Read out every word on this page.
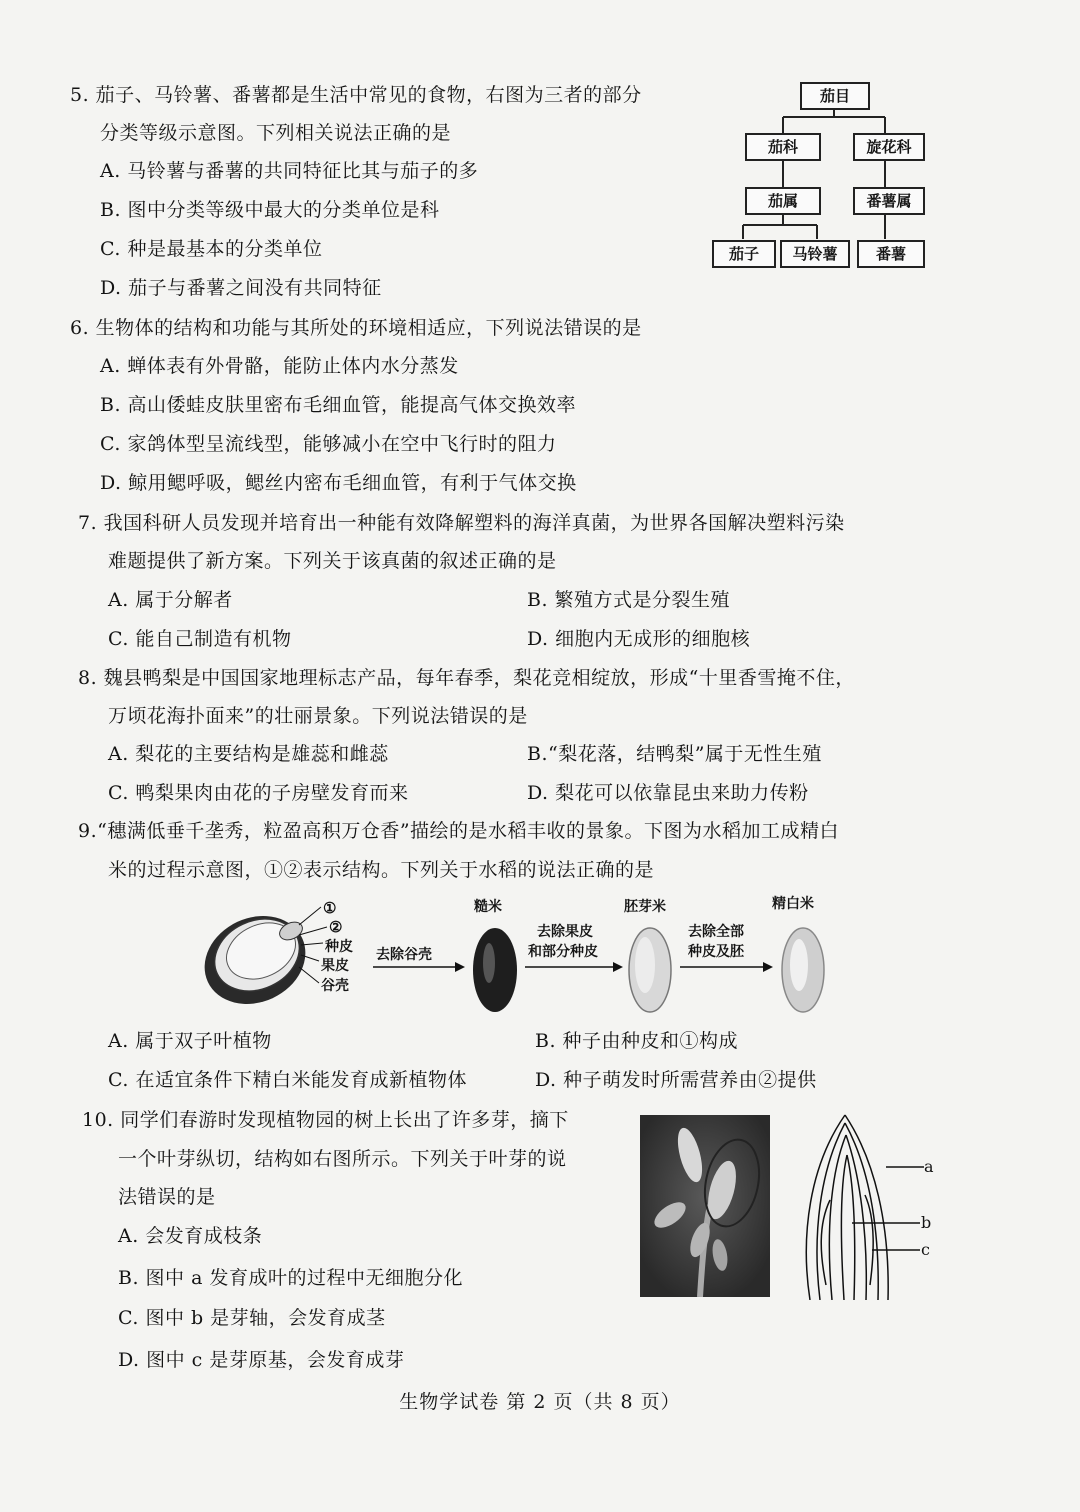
5. 茄子、马铃薯、番薯都是生活中常见的食物，右图为三者的部分
分类等级示意图。下列相关说法正确的是
A. 马铃薯与番薯的共同特征比其与茄子的多
B. 图中分类等级中最大的分类单位是科
C. 种是最基本的分类单位
D. 茄子与番薯之间没有共同特征
茄目
茄科	旋花科
茄属	番薯属
茄子	马铃薯	番薯
6. 生物体的结构和功能与其所处的环境相适应，下列说法错误的是
A. 蝉体表有外骨骼，能防止体内水分蒸发
B. 高山倭蛙皮肤里密布毛细血管，能提高气体交换效率
C. 家鸽体型呈流线型，能够减小在空中飞行时的阻力
D. 鲸用鳃呼吸，鳃丝内密布毛细血管，有利于气体交换
7. 我国科研人员发现并培育出一种能有效降解塑料的海洋真菌，为世界各国解决塑料污染
难题提供了新方案。下列关于该真菌的叙述正确的是
A. 属于分解者	B. 繁殖方式是分裂生殖
C. 能自己制造有机物	D. 细胞内无成形的细胞核
8. 魏县鸭梨是中国国家地理标志产品，每年春季，梨花竞相绽放，形成“十里香雪掩不住，
万顷花海扑面来”的壮丽景象。下列说法错误的是
A. 梨花的主要结构是雄蕊和雌蕊	B.“梨花落，结鸭梨”属于无性生殖
C. 鸭梨果肉由花的子房壁发育而来	D. 梨花可以依靠昆虫来助力传粉
9.“穗满低垂千垄秀，粒盈高积万仓香”描绘的是水稻丰收的景象。下图为水稻加工成精白
米的过程示意图，①②表示结构。下列关于水稻的说法正确的是
①
②
种皮
果皮
谷壳
去除谷壳
糙米
去除果皮
和部分种皮
胚芽米
去除全部
种皮及胚
精白米
A. 属于双子叶植物	B. 种子由种皮和①构成
C. 在适宜条件下精白米能发育成新植物体	D. 种子萌发时所需营养由②提供
10. 同学们春游时发现植物园的树上长出了许多芽，摘下
一个叶芽纵切，结构如右图所示。下列关于叶芽的说
法错误的是
A. 会发育成枝条
B. 图中 a 发育成叶的过程中无细胞分化
C. 图中 b 是芽轴，会发育成茎
D. 图中 c 是芽原基，会发育成芽
a
b
c
生物学试卷 第 2 页（共 8 页）
